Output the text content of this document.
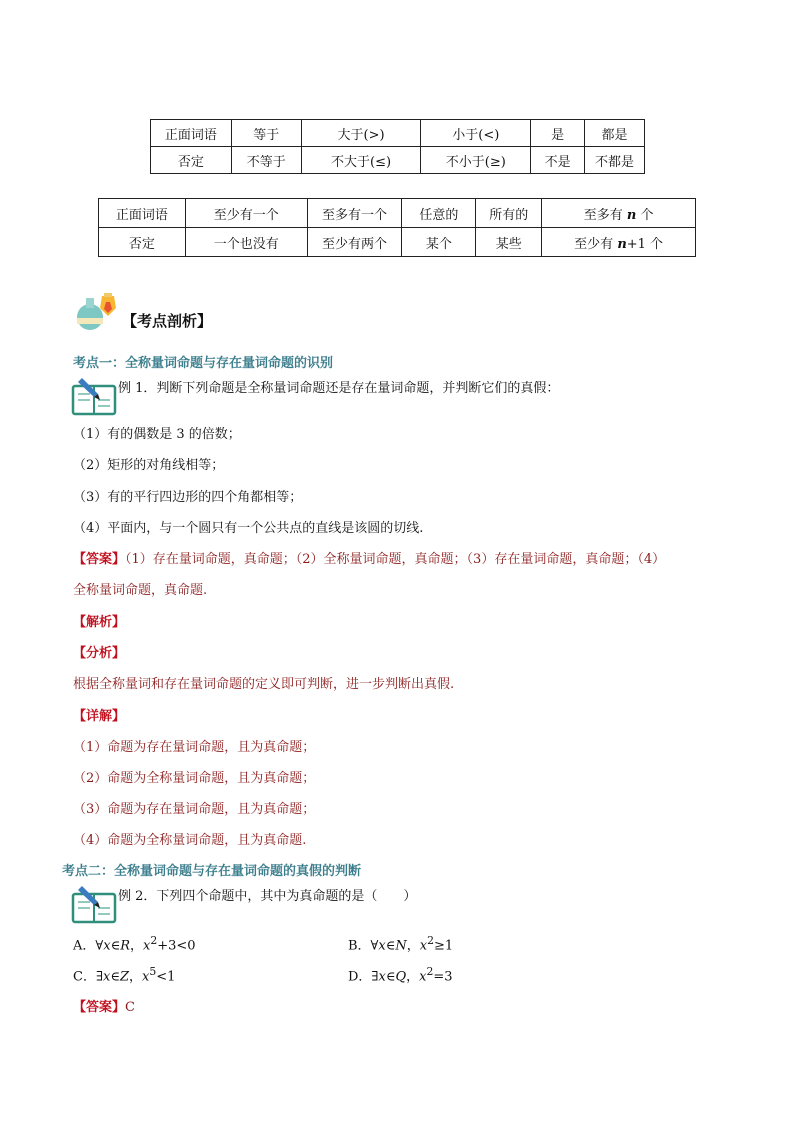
正面词语	等于	大于(>)	小于(<)	是	都是
否定	不等于	不大于(≤)	不小于(≥)	不是	不都是
正面词语	至少有一个	至多有一个	任意的	所有的	至多有 n 个
否定	一个也没有	至少有两个	某个	某些	至少有 n+1 个
【考点剖析】
考点一：全称量词命题与存在量词命题的识别
例 1．判断下列命题是全称量词命题还是存在量词命题，并判断它们的真假：
（1）有的偶数是 3 的倍数；
（2）矩形的对角线相等；
（3）有的平行四边形的四个角都相等；
（4）平面内，与一个圆只有一个公共点的直线是该圆的切线.
【答案】（1）存在量词命题，真命题；（2）全称量词命题，真命题；（3）存在量词命题，真命题；（4）
全称量词命题，真命题.
【解析】
【分析】
根据全称量词和存在量词命题的定义即可判断，进一步判断出真假.
【详解】
（1）命题为存在量词命题，且为真命题；
（2）命题为全称量词命题，且为真命题；
（3）命题为存在量词命题，且为真命题；
（4）命题为全称量词命题，且为真命题.
考点二：全称量词命题与存在量词命题的真假的判断
例 2．下列四个命题中，其中为真命题的是（　　）
A．∀x∈R，$x^2+3<0$	B．∀x∈N，$x^2\ge 1$
C．∃x∈Z，$x^5<1$	D．∃x∈Q，$x^2=3$
【答案】C
